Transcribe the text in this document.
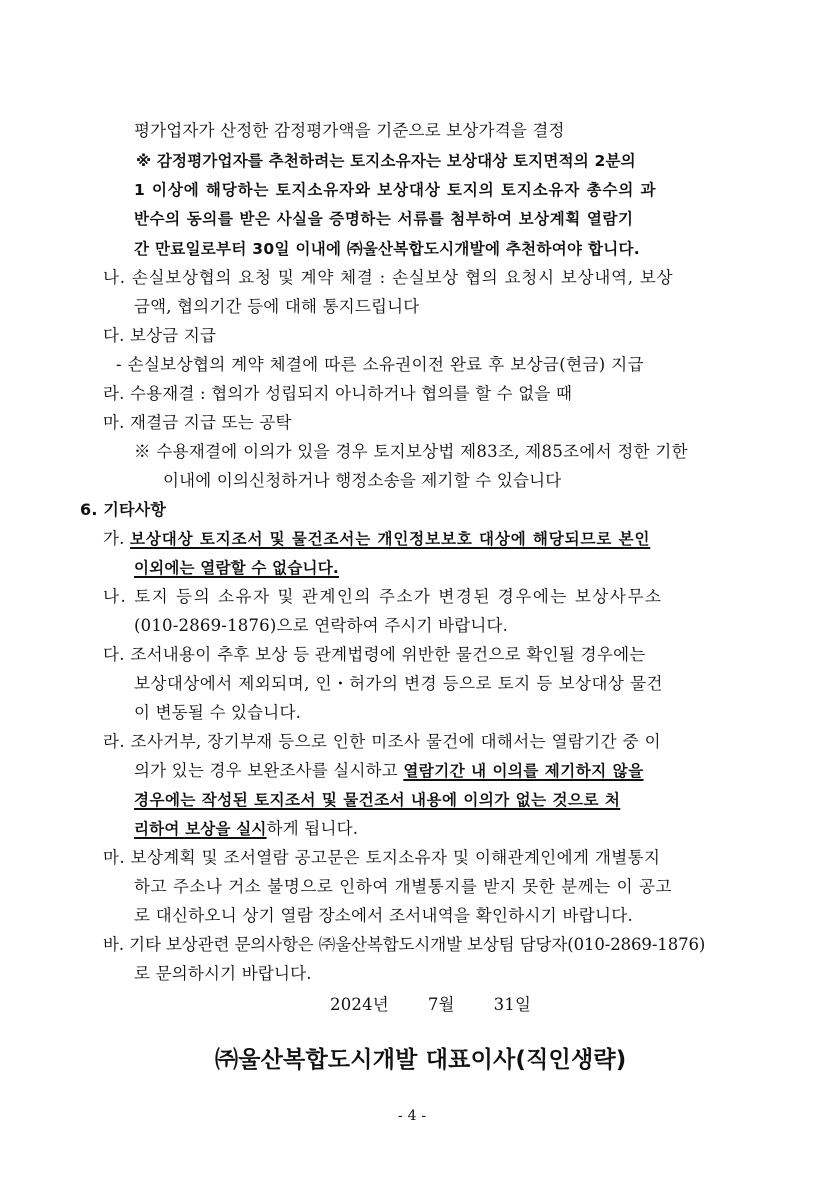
평가업자가 산정한 감정평가액을 기준으로 보상가격을 결정
※ 감정평가업자를 추천하려는 토지소유자는 보상대상 토지면적의 2분의
1 이상에 해당하는 토지소유자와 보상대상 토지의 토지소유자 총수의 과
반수의 동의를 받은 사실을 증명하는 서류를 첨부하여 보상계획 열람기
간 만료일로부터 30일 이내에 ㈜울산복합도시개발에 추천하여야 합니다.
나. 손실보상협의 요청 및 계약 체결 : 손실보상 협의 요청시 보상내역, 보상
금액, 협의기간 등에 대해 통지드립니다
다. 보상금 지급
- 손실보상협의 계약 체결에 따른 소유권이전 완료 후 보상금(현금) 지급
라. 수용재결 : 협의가 성립되지 아니하거나 협의를 할 수 없을 때
마. 재결금 지급 또는 공탁
※ 수용재결에 이의가 있을 경우 토지보상법 제83조, 제85조에서 정한 기한
이내에 이의신청하거나 행정소송을 제기할 수 있습니다
6. 기타사항
가. 보상대상 토지조서 및 물건조서는 개인정보보호 대상에 해당되므로 본인
이외에는 열람할 수 없습니다.
나. 토지 등의 소유자 및 관계인의 주소가 변경된 경우에는 보상사무소
(010-2869-1876)으로 연락하여 주시기 바랍니다.
다. 조서내용이 추후 보상 등 관계법령에 위반한 물건으로 확인될 경우에는
보상대상에서 제외되며, 인・허가의 변경 등으로 토지 등 보상대상 물건
이 변동될 수 있습니다.
라. 조사거부, 장기부재 등으로 인한 미조사 물건에 대해서는 열람기간 중 이
의가 있는 경우 보완조사를 실시하고 열람기간 내 이의를 제기하지 않을
경우에는 작성된 토지조서 및 물건조서 내용에 이의가 없는 것으로 처
리하여 보상을 실시하게 됩니다.
마. 보상계획 및 조서열람 공고문은 토지소유자 및 이해관계인에게 개별통지
하고 주소나 거소 불명으로 인하여 개별통지를 받지 못한 분께는 이 공고
로 대신하오니 상기 열람 장소에서 조서내역을 확인하시기 바랍니다.
바. 기타 보상관련 문의사항은 ㈜울산복합도시개발 보상팀 담당자(010-2869-1876)
로 문의하시기 바랍니다.
2024년 7월 31일
㈜울산복합도시개발 대표이사(직인생략)
- 4 -
